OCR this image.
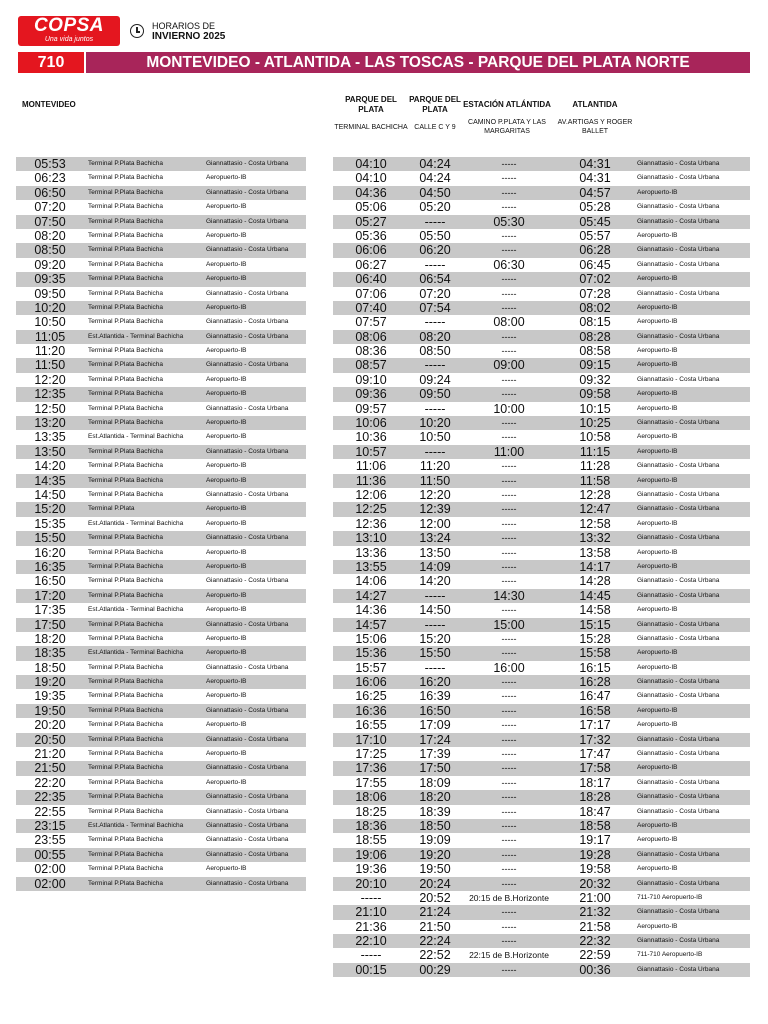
COPSA
Una vida juntos
HORARIOS DE
INVIERNO 2025
710	MONTEVIDEO - ATLANTIDA - LAS TOSCAS - PARQUE DEL PLATA NORTE
MONTEVIDEO
PARQUE DEL PLATA
TERMINAL BACHICHA
PARQUE DEL PLATA
CALLE C Y 9
ESTACIÓN ATLÁNTIDA
CAMINO P.PLATA Y LAS MARGARITAS
ATLANTIDA
AV.ARTIGAS Y ROGER BALLET
05:53	Terminal P.Plata Bachicha	Giannattasio - Costa Urbana
06:23	Terminal P.Plata Bachicha	Aeropuerto-IB
06:50	Terminal P.Plata Bachicha	Giannattasio - Costa Urbana
07:20	Terminal P.Plata Bachicha	Aeropuerto-IB
07:50	Terminal P.Plata Bachicha	Giannattasio - Costa Urbana
08:20	Terminal P.Plata Bachicha	Aeropuerto-IB
08:50	Terminal P.Plata Bachicha	Giannattasio - Costa Urbana
09:20	Terminal P.Plata Bachicha	Aeropuerto-IB
09:35	Terminal P.Plata Bachicha	Aeropuerto-IB
09:50	Terminal P.Plata Bachicha	Giannattasio - Costa Urbana
10:20	Terminal P.Plata Bachicha	Aeropuerto-IB
10:50	Terminal P.Plata Bachicha	Giannattasio - Costa Urbana
11:05	Est.Atlantida - Terminal Bachicha	Giannattasio - Costa Urbana
11:20	Terminal P.Plata Bachicha	Aeropuerto-IB
11:50	Terminal P.Plata Bachicha	Giannattasio - Costa Urbana
12:20	Terminal P.Plata Bachicha	Aeropuerto-IB
12:35	Terminal P.Plata Bachicha	Aeropuerto-IB
12:50	Terminal P.Plata Bachicha	Giannattasio - Costa Urbana
13:20	Terminal P.Plata Bachicha	Aeropuerto-IB
13:35	Est.Atlantida - Terminal Bachicha	Aeropuerto-IB
13:50	Terminal P.Plata Bachicha	Giannattasio - Costa Urbana
14:20	Terminal P.Plata Bachicha	Aeropuerto-IB
14:35	Terminal P.Plata Bachicha	Aeropuerto-IB
14:50	Terminal P.Plata Bachicha	Giannattasio - Costa Urbana
15:20	Terminal P.Plata	Aeropuerto-IB
15:35	Est.Atlantida - Terminal Bachicha	Aeropuerto-IB
15:50	Terminal P.Plata Bachicha	Giannattasio - Costa Urbana
16:20	Terminal P.Plata Bachicha	Aeropuerto-IB
16:35	Terminal P.Plata Bachicha	Aeropuerto-IB
16:50	Terminal P.Plata Bachicha	Giannattasio - Costa Urbana
17:20	Terminal P.Plata Bachicha	Aeropuerto-IB
17:35	Est.Atlantida - Terminal Bachicha	Aeropuerto-IB
17:50	Terminal P.Plata Bachicha	Giannattasio - Costa Urbana
18:20	Terminal P.Plata Bachicha	Aeropuerto-IB
18:35	Est.Atlantida - Terminal Bachicha	Aeropuerto-IB
18:50	Terminal P.Plata Bachicha	Giannattasio - Costa Urbana
19:20	Terminal P.Plata Bachicha	Aeropuerto-IB
19:35	Terminal P.Plata Bachicha	Aeropuerto-IB
19:50	Terminal P.Plata Bachicha	Giannattasio - Costa Urbana
20:20	Terminal P.Plata Bachicha	Aeropuerto-IB
20:50	Terminal P.Plata Bachicha	Giannattasio - Costa Urbana
21:20	Terminal P.Plata Bachicha	Aeropuerto-IB
21:50	Terminal P.Plata Bachicha	Giannattasio - Costa Urbana
22:20	Terminal P.Plata Bachicha	Aeropuerto-IB
22:35	Terminal P.Plata Bachicha	Giannattasio - Costa Urbana
22:55	Terminal P.Plata Bachicha	Giannattasio - Costa Urbana
23:15	Est.Atlantida - Terminal Bachicha	Giannattasio - Costa Urbana
23:55	Terminal P.Plata Bachicha	Giannattasio - Costa Urbana
00:55	Terminal P.Plata Bachicha	Giannattasio - Costa Urbana
02:00	Terminal P.Plata Bachicha	Aeropuerto-IB
02:00	Terminal P.Plata Bachicha	Giannattasio - Costa Urbana
04:10	04:24	-----	04:31	Giannattasio - Costa Urbana
04:10	04:24	-----	04:31	Giannattasio - Costa Urbana
04:36	04:50	-----	04:57	Aeropuerto-IB
05:06	05:20	-----	05:28	Giannattasio - Costa Urbana
05:27	-----	05:30	05:45	Giannattasio - Costa Urbana
05:36	05:50	-----	05:57	Aeropuerto-IB
06:06	06:20	-----	06:28	Giannattasio - Costa Urbana
06:27	-----	06:30	06:45	Giannattasio - Costa Urbana
06:40	06:54	-----	07:02	Aeropuerto-IB
07:06	07:20	-----	07:28	Giannattasio - Costa Urbana
07:40	07:54	-----	08:02	Aeropuerto-IB
07:57	-----	08:00	08:15	Aeropuerto-IB
08:06	08:20	-----	08:28	Giannattasio - Costa Urbana
08:36	08:50	-----	08:58	Aeropuerto-IB
08:57	-----	09:00	09:15	Aeropuerto-IB
09:10	09:24	-----	09:32	Giannattasio - Costa Urbana
09:36	09:50	-----	09:58	Aeropuerto-IB
09:57	-----	10:00	10:15	Aeropuerto-IB
10:06	10:20	-----	10:25	Giannattasio - Costa Urbana
10:36	10:50	-----	10:58	Aeropuerto-IB
10:57	-----	11:00	11:15	Aeropuerto-IB
11:06	11:20	-----	11:28	Giannattasio - Costa Urbana
11:36	11:50	-----	11:58	Aeropuerto-IB
12:06	12:20	-----	12:28	Giannattasio - Costa Urbana
12:25	12:39	-----	12:47	Giannattasio - Costa Urbana
12:36	12:00	-----	12:58	Aeropuerto-IB
13:10	13:24	-----	13:32	Giannattasio - Costa Urbana
13:36	13:50	-----	13:58	Aeropuerto-IB
13:55	14:09	-----	14:17	Aeropuerto-IB
14:06	14:20	-----	14:28	Giannattasio - Costa Urbana
14:27	-----	14:30	14:45	Giannattasio - Costa Urbana
14:36	14:50	-----	14:58	Aeropuerto-IB
14:57	-----	15:00	15:15	Giannattasio - Costa Urbana
15:06	15:20	-----	15:28	Giannattasio - Costa Urbana
15:36	15:50	-----	15:58	Aeropuerto-IB
15:57	-----	16:00	16:15	Aeropuerto-IB
16:06	16:20	-----	16:28	Giannattasio - Costa Urbana
16:25	16:39	-----	16:47	Giannattasio - Costa Urbana
16:36	16:50	-----	16:58	Aeropuerto-IB
16:55	17:09	-----	17:17	Aeropuerto-IB
17:10	17:24	-----	17:32	Giannattasio - Costa Urbana
17:25	17:39	-----	17:47	Giannattasio - Costa Urbana
17:36	17:50	-----	17:58	Aeropuerto-IB
17:55	18:09	-----	18:17	Giannattasio - Costa Urbana
18:06	18:20	-----	18:28	Giannattasio - Costa Urbana
18:25	18:39	-----	18:47	Giannattasio - Costa Urbana
18:36	18:50	-----	18:58	Aeropuerto-IB
18:55	19:09	-----	19:17	Aeropuerto-IB
19:06	19:20	-----	19:28	Giannattasio - Costa Urbana
19:36	19:50	-----	19:58	Aeropuerto-IB
20:10	20:24	-----	20:32	Giannattasio - Costa Urbana
-----	20:52	20:15 de B.Horizonte	21:00	711-710 Aeropuerto-IB
21:10	21:24	-----	21:32	Giannattasio - Costa Urbana
21:36	21:50	-----	21:58	Aeropuerto-IB
22:10	22:24	-----	22:32	Giannattasio - Costa Urbana
-----	22:52	22:15 de B.Horizonte	22:59	711-710 Aeropuerto-IB
00:15	00:29	-----	00:36	Giannattasio - Costa Urbana
